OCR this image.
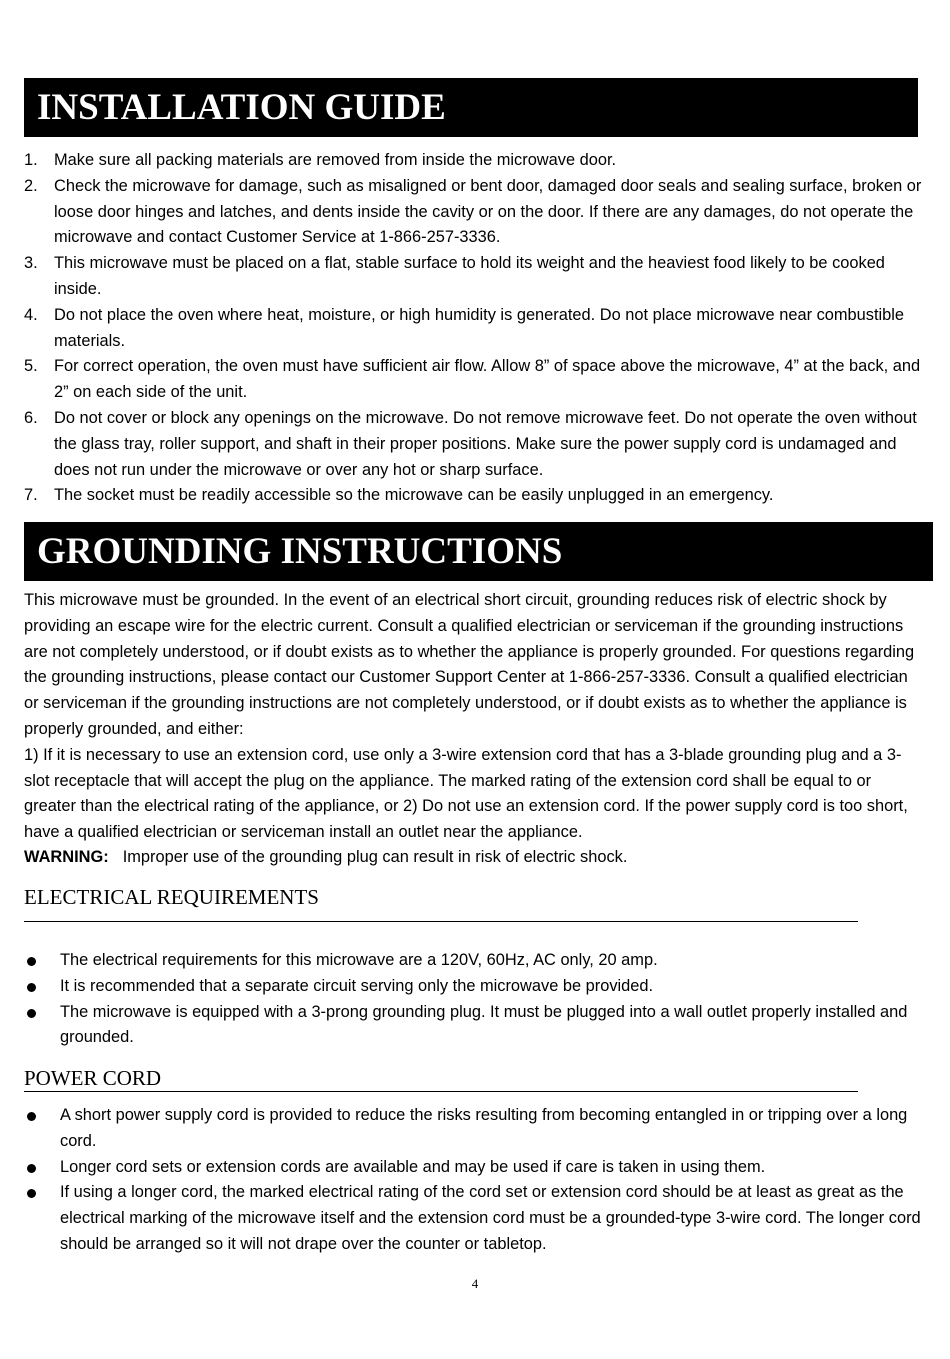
INSTALLATION GUIDE
1. Make sure all packing materials are removed from inside the microwave door.
2. Check the microwave for damage, such as misaligned or bent door, damaged door seals and sealing surface, broken or loose door hinges and latches, and dents inside the cavity or on the door. If there are any damages, do not operate the microwave and contact Customer Service at 1-866-257-3336.
3. This microwave must be placed on a flat, stable surface to hold its weight and the heaviest food likely to be cooked inside.
4. Do not place the oven where heat, moisture, or high humidity is generated. Do not place microwave near combustible materials.
5. For correct operation, the oven must have sufficient air flow. Allow 8” of space above the microwave, 4” at the back, and 2” on each side of the unit.
6. Do not cover or block any openings on the microwave. Do not remove microwave feet. Do not operate the oven without the glass tray, roller support, and shaft in their proper positions. Make sure the power supply cord is undamaged and does not run under the microwave or over any hot or sharp surface.
7. The socket must be readily accessible so the microwave can be easily unplugged in an emergency.
GROUNDING INSTRUCTIONS
This microwave must be grounded. In the event of an electrical short circuit, grounding reduces risk of electric shock by providing an escape wire for the electric current. Consult a qualified electrician or serviceman if the grounding instructions are not completely understood, or if doubt exists as to whether the appliance is properly grounded. For questions regarding the grounding instructions, please contact our Customer Support Center at 1-866-257-3336. Consult a qualified electrician or serviceman if the grounding instructions are not completely understood, or if doubt exists as to whether the appliance is properly grounded, and either:
1) If it is necessary to use an extension cord, use only a 3-wire extension cord that has a 3-blade grounding plug and a 3-slot receptacle that will accept the plug on the appliance. The marked rating of the extension cord shall be equal to or greater than the electrical rating of the appliance, or 2) Do not use an extension cord. If the power supply cord is too short, have a qualified electrician or serviceman install an outlet near the appliance.

WARNING: Improper use of the grounding plug can result in risk of electric shock.

ELECTRICAL REQUIREMENTS
The electrical requirements for this microwave are a 120V, 60Hz, AC only, 20 amp.
It is recommended that a separate circuit serving only the microwave be provided.
The microwave is equipped with a 3-prong grounding plug. It must be plugged into a wall outlet properly installed and grounded.
POWER CORD
A short power supply cord is provided to reduce the risks resulting from becoming entangled in or tripping over a long cord.
Longer cord sets or extension cords are available and may be used if care is taken in using them.
If using a longer cord, the marked electrical rating of the cord set or extension cord should be at least as great as the electrical marking of the microwave itself and the extension cord must be a grounded-type 3-wire cord. The longer cord should be arranged so it will not drape over the counter or tabletop.
4
